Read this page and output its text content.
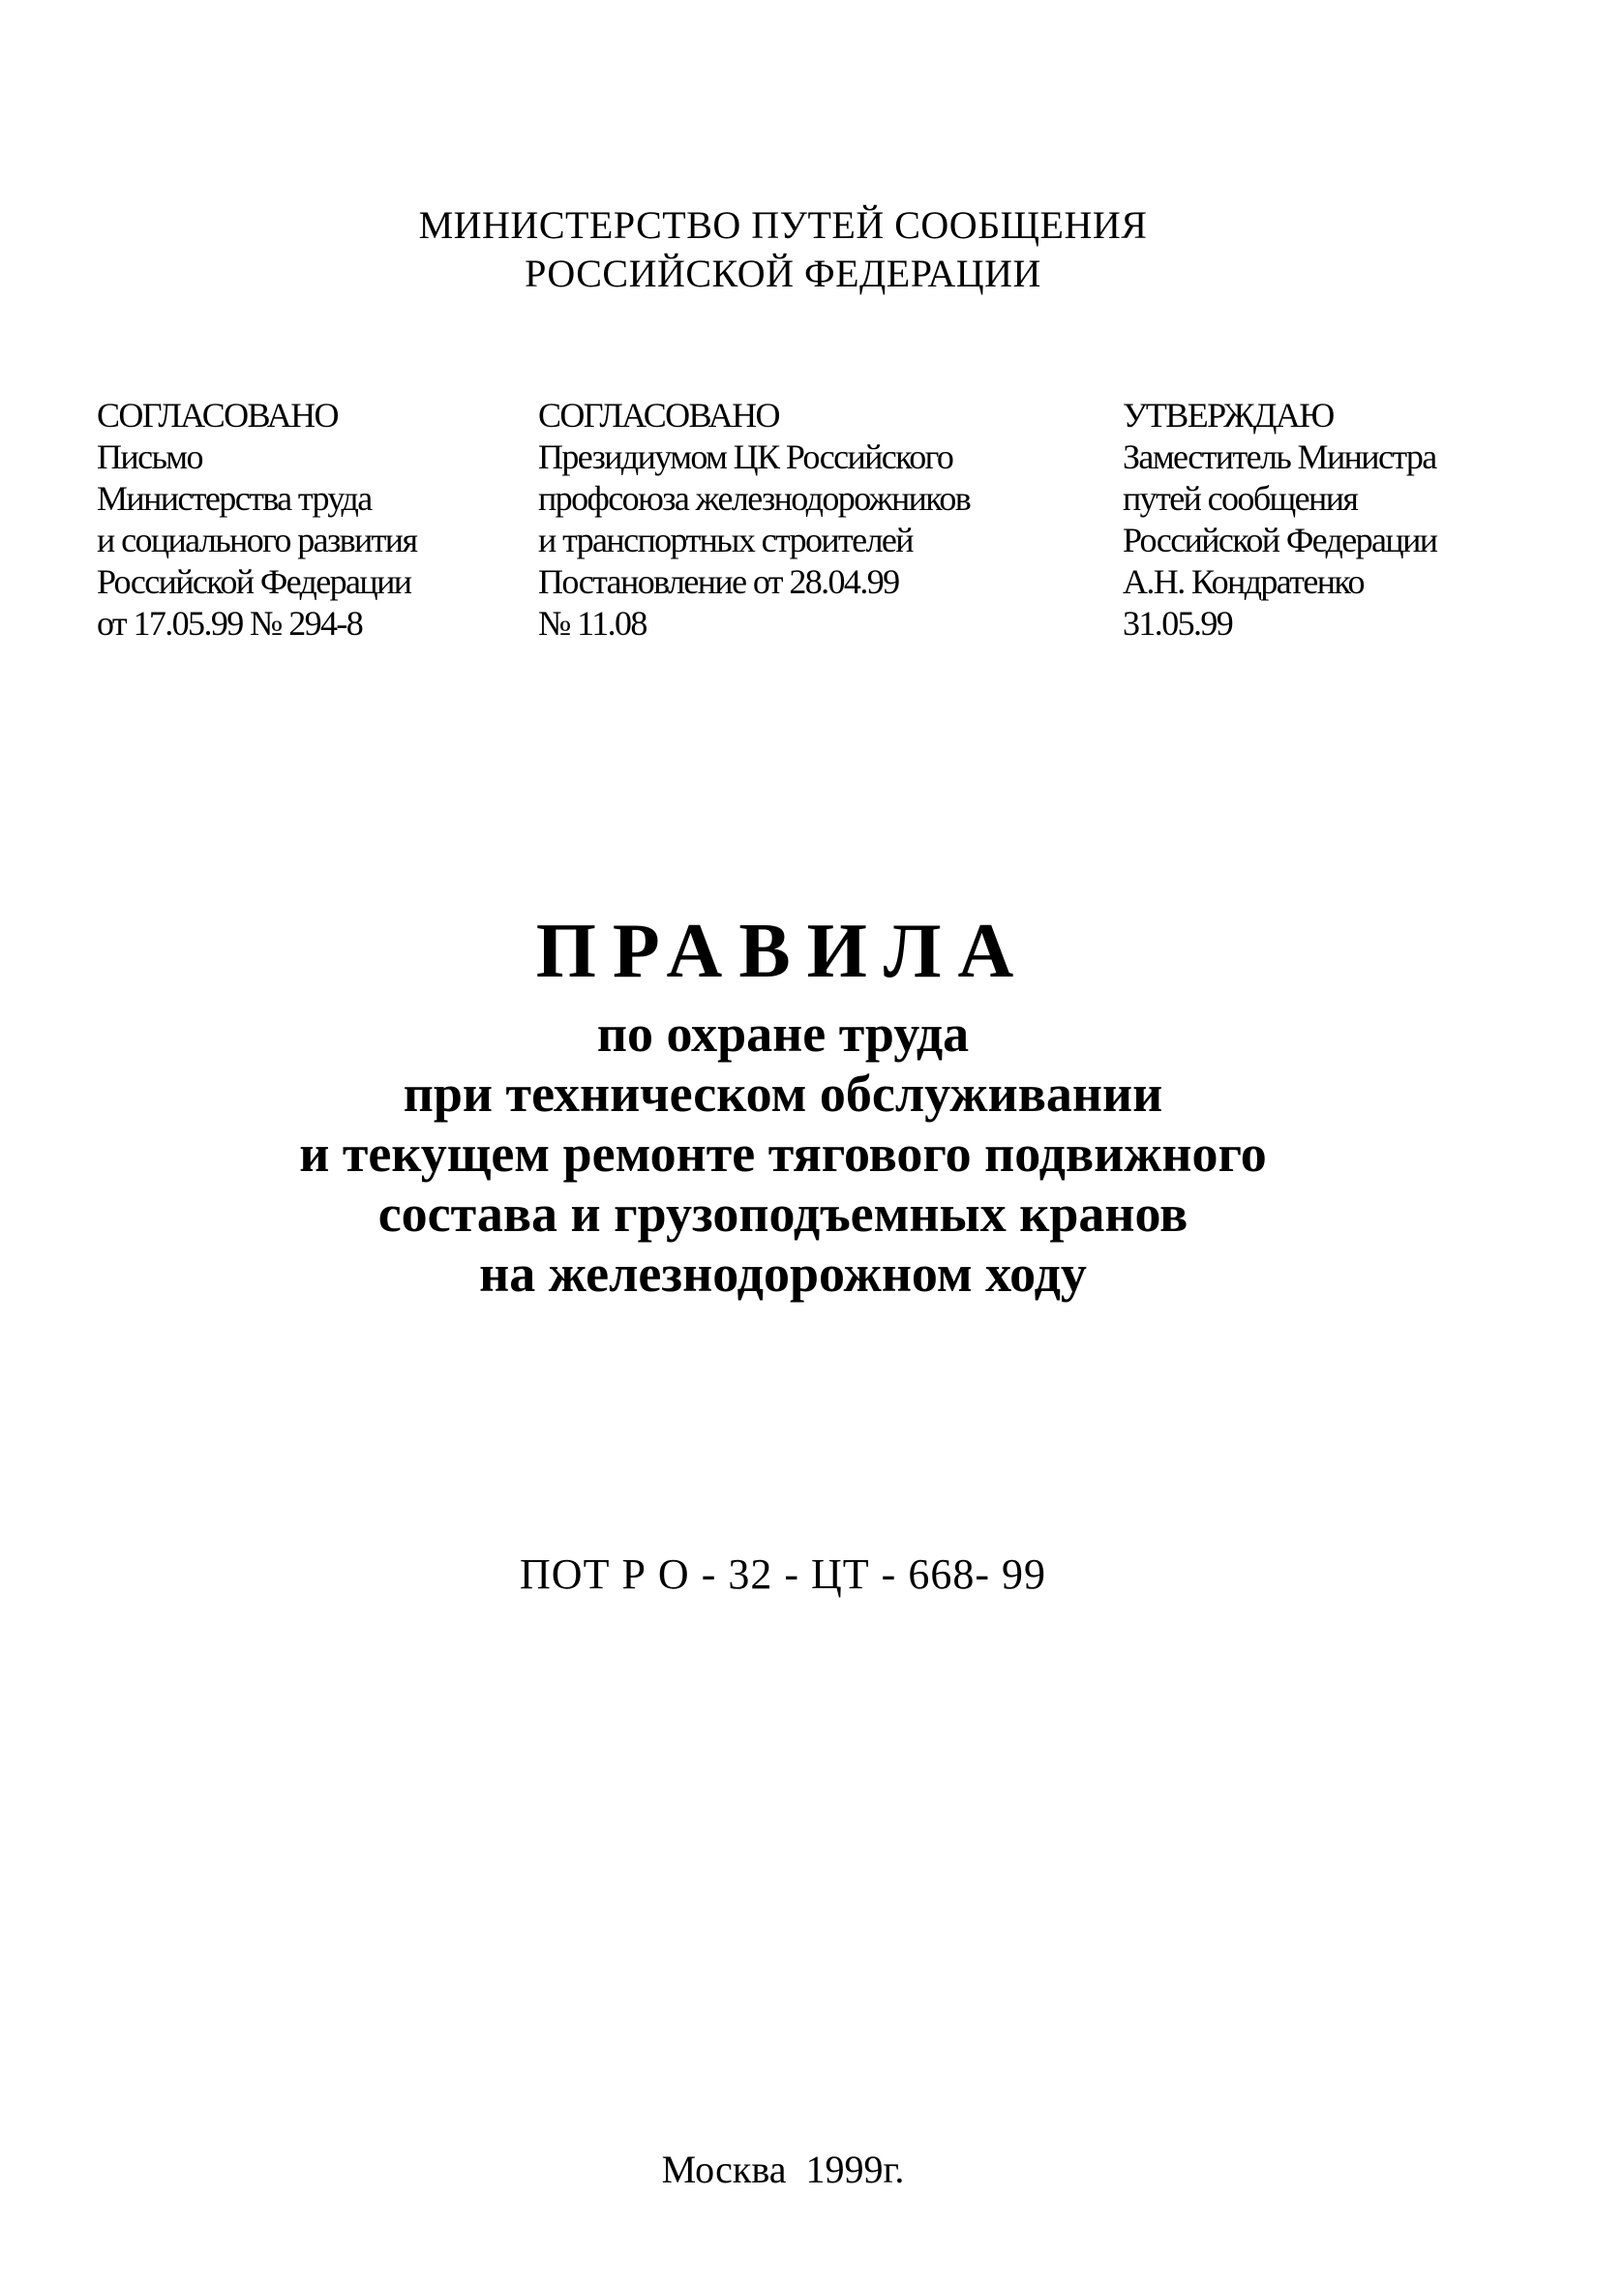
МИНИСТЕРСТВО ПУТЕЙ СООБЩЕНИЯ
РОССИЙСКОЙ ФЕДЕРАЦИИ
СОГЛАСОВАНО
Письмо
Министерства труда
и социального развития
Российской Федерации
от 17.05.99 № 294-8
СОГЛАСОВАНО
Президиумом ЦК Российского
профсоюза железнодорожников
и транспортных строителей
Постановление от 28.04.99
№ 11.08
УТВЕРЖДАЮ
Заместитель Министра
путей сообщения
Российской Федерации
А.Н. Кондратенко
31.05.99
ПРАВИЛА
по охране труда
при техническом обслуживании
и текущем ремонте тягового подвижного
состава и грузоподъемных кранов
на железнодорожном ходу
ПОТ Р О - 32 - ЦТ - 668- 99
Москва  1999г.
